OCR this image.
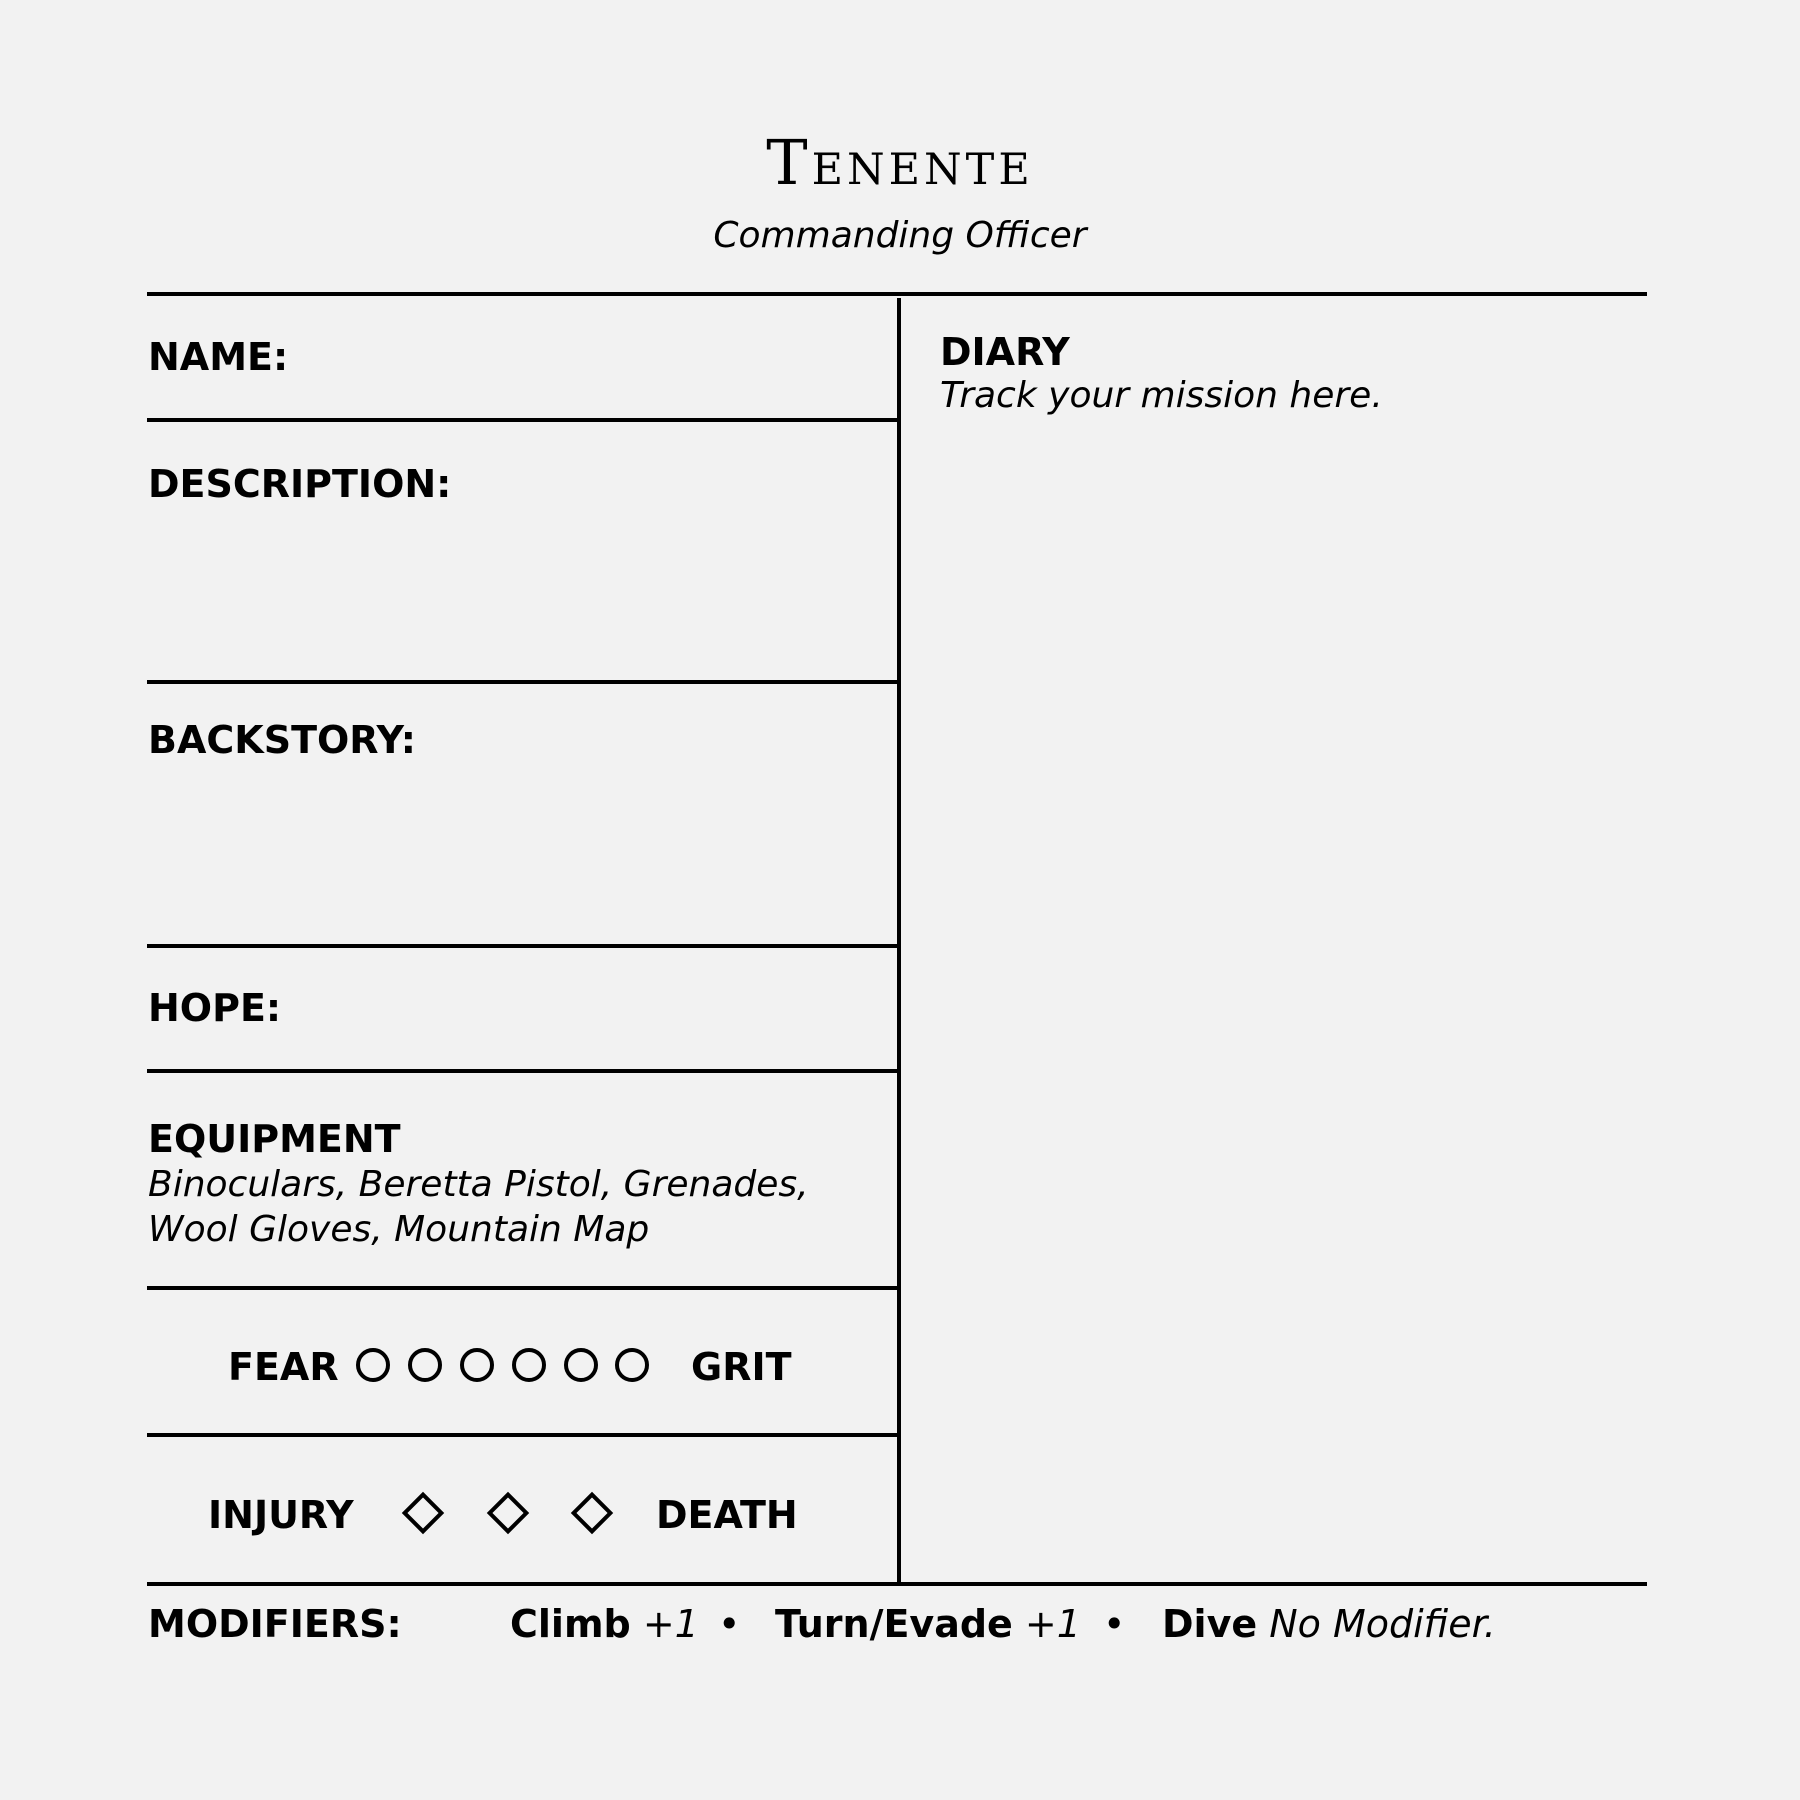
Tenente
Commanding Officer
NAME:
DESCRIPTION:
BACKSTORY:
HOPE:
EQUIPMENT
Binoculars, Beretta Pistol, Grenades,
Wool Gloves, Mountain Map
FEAR	GRIT
INJURY	DEATH
DIARY
Track your mission here.
MODIFIERS:	Climb +1 • Turn/Evade +1 • Dive No Modifier.
